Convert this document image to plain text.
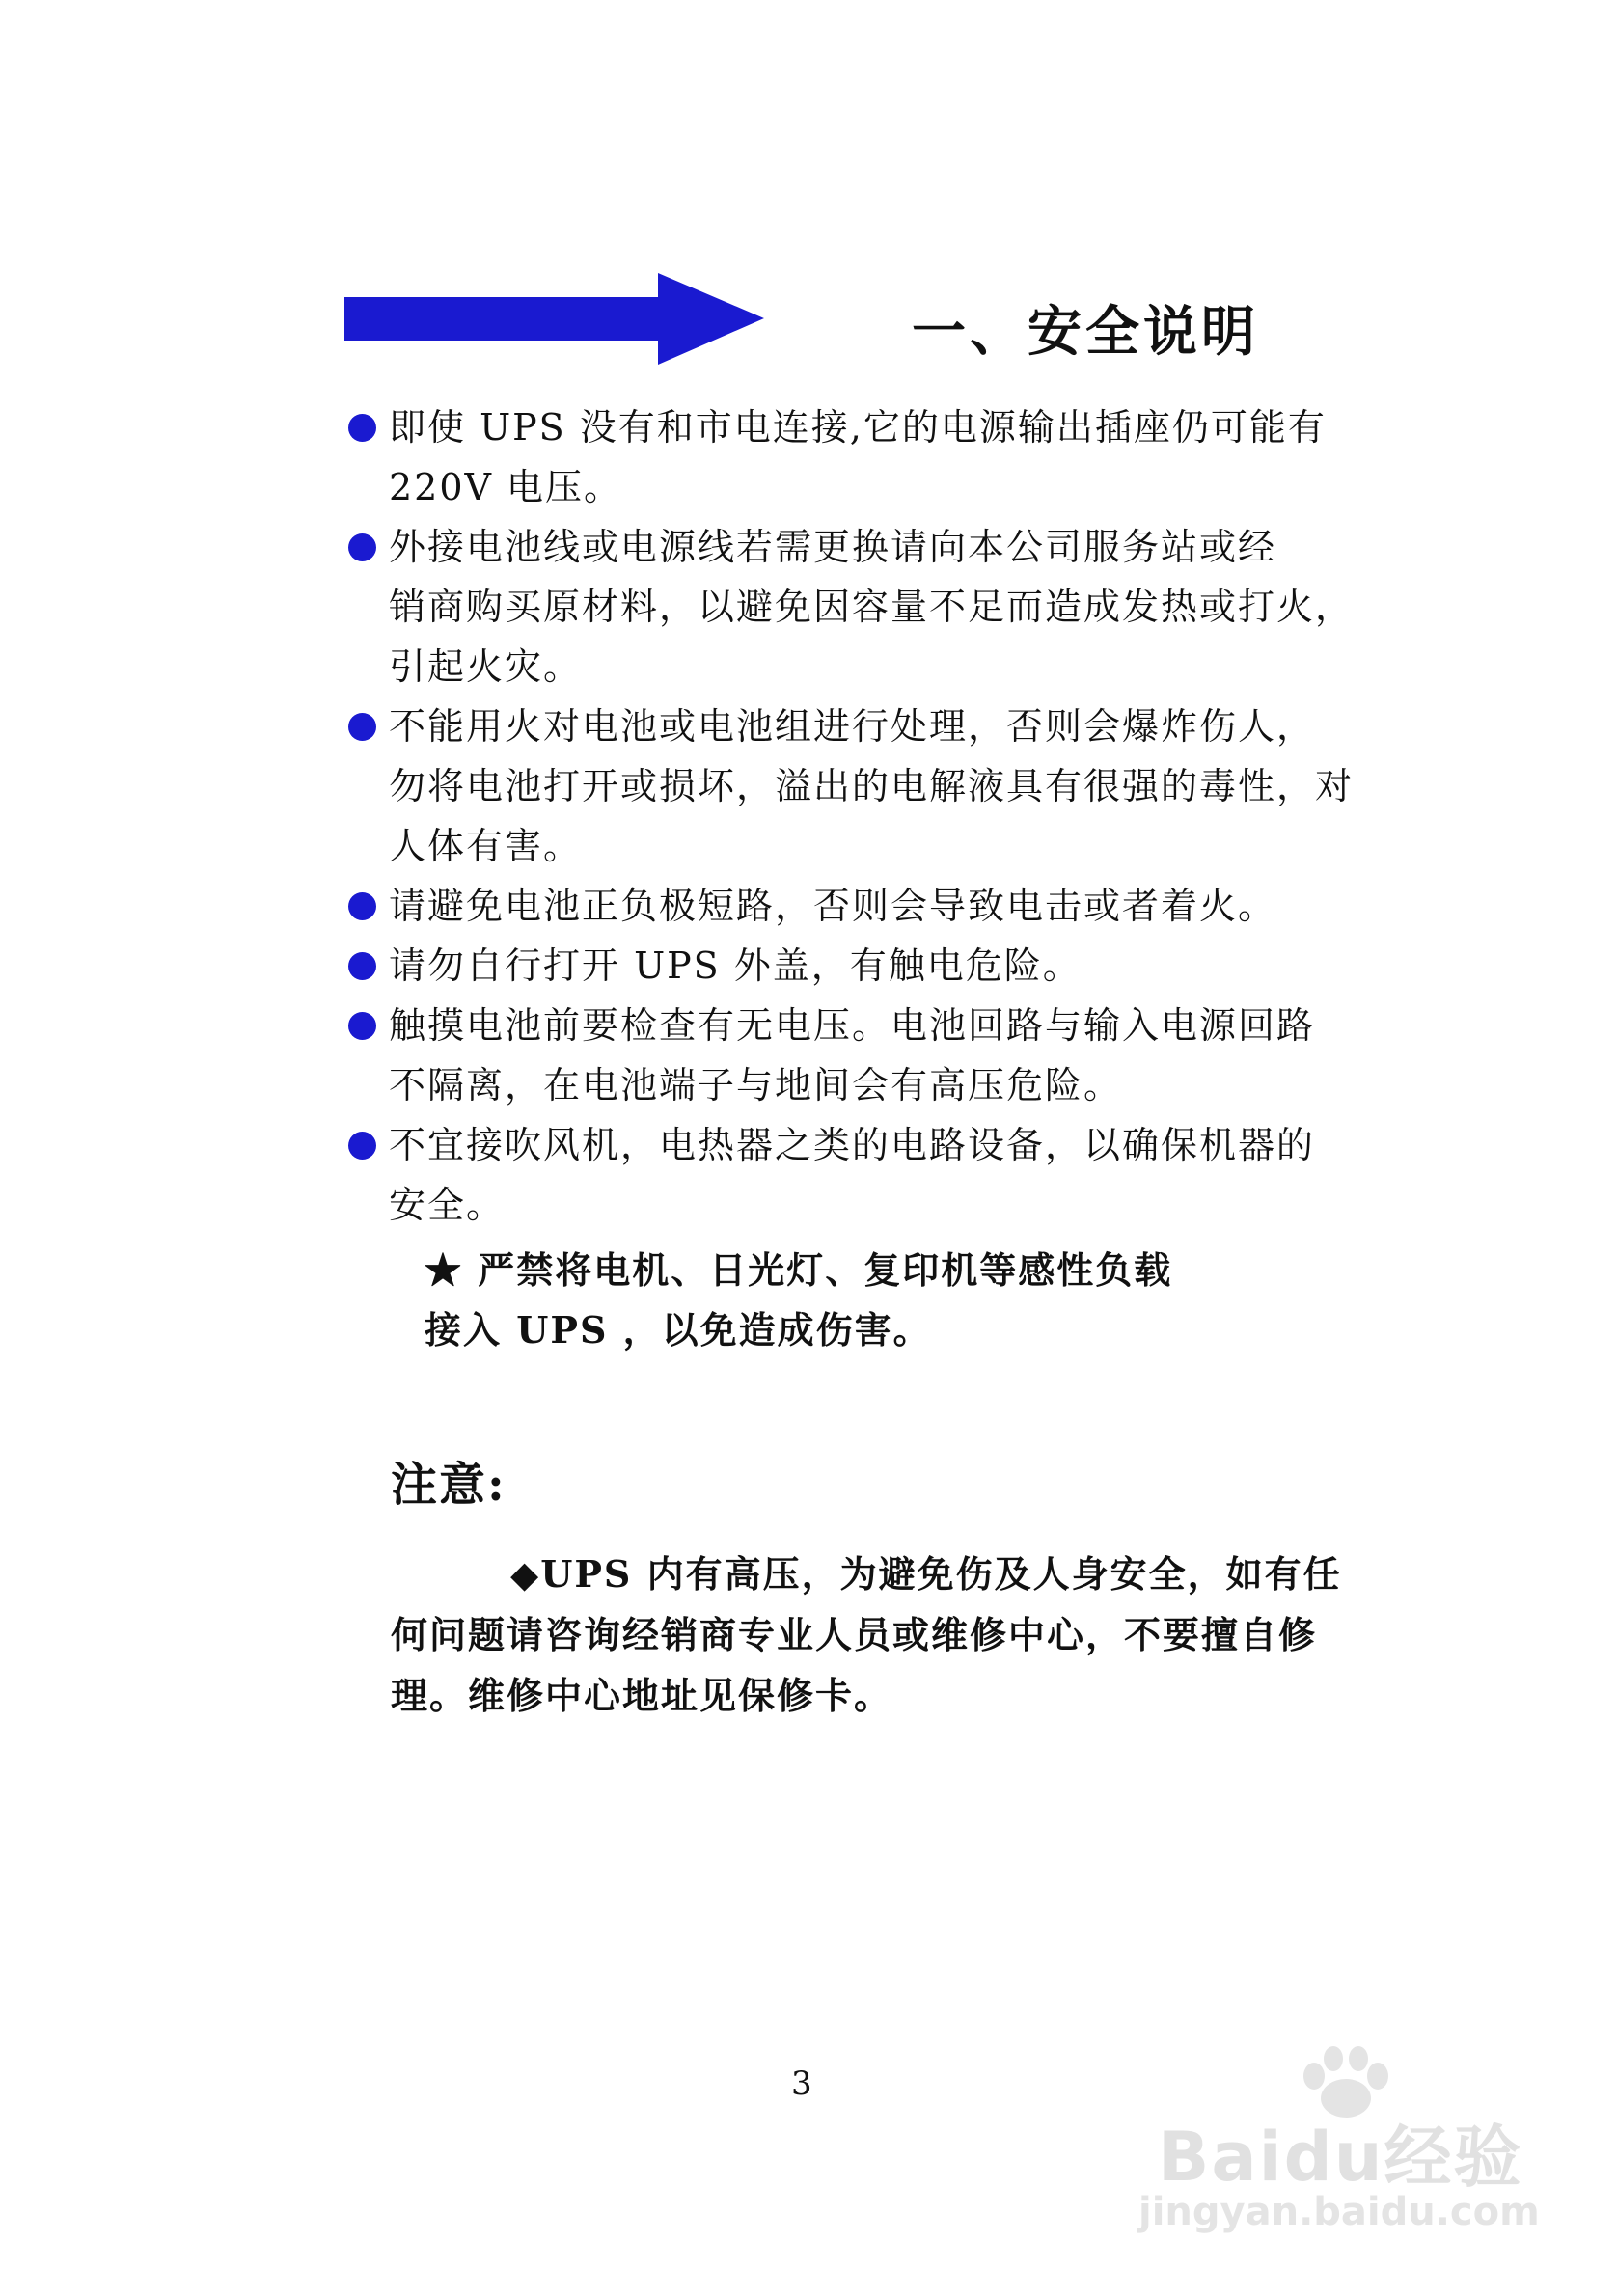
一、安全说明
即使 UPS 没有和市电连接,它的电源输出插座仍可能有
220V 电压。
外接电池线或电源线若需更换请向本公司服务站或经
销商购买原材料，以避免因容量不足而造成发热或打火，引起火灾。
不能用火对电池或电池组进行处理，否则会爆炸伤人，
勿将电池打开或损坏，溢出的电解液具有很强的毒性，对人体有害。
请避免电池正负极短路，否则会导致电击或者着火。
请勿自行打开 UPS 外盖，有触电危险。
触摸电池前要检查有无电压。电池回路与输入电源回路
不隔离，在电池端子与地间会有高压危险。
不宜接吹风机，电热器之类的电路设备，以确保机器的
安全。
★ 严禁将电机、日光灯、复印机等感性负载
接入 UPS ，以免造成伤害。
注意:

◆UPS 内有高压，为避免伤及人身安全，如有任何问题请咨询经销商专业人员或维修中心，不要擅自修理。维修中心地址见保修卡。

3
Baidu经验
jingyan.baidu.com
